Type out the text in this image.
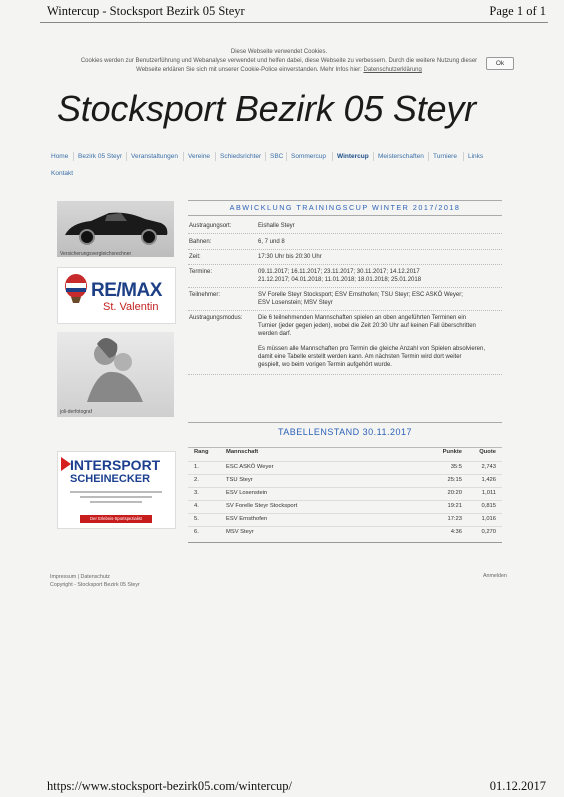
Wintercup - Stocksport Bezirk 05 Steyr	Page 1 of 1
Diese Webseite verwendet Cookies.
Cookies werden zur Benutzerführung und Webanalyse verwendet und helfen dabei, diese Webseite zu verbessern. Durch die weitere Nutzung dieser
Webseite erklären Sie sich mit unserer Cookie-Police einverstanden. Mehr Infos hier: Datenschutzerklärung
Ok
Stocksport Bezirk 05 Steyr
Home	Bezirk 05 Steyr	Veranstaltungen	Vereine	Schiedsrichter	SBC	Sommercup	Wintercup	Meisterschaften	Turniere	Links
Kontakt
Versicherungsvergleichsrechner
RE/MAX
St. Valentin
joli-derfotograf
INTERSPORT
SCHEINECKER
Der Erlebnis-Sportspezialist
ABWICKLUNG TRAININGSCUP WINTER 2017/2018
Austragungsort:	Eishalle Steyr
Bahnen:	6, 7 und 8
Zeit:	17:30 Uhr bis 20:30 Uhr
Termine:	09.11.2017; 16.11.2017; 23.11.2017; 30.11.2017; 14.12.2017
21.12.2017; 04.01.2018; 11.01.2018; 18.01.2018; 25.01.2018
Teilnehmer:	SV Forelle Steyr Stocksport; ESV Ernsthofen; TSU Steyr; ESC ASKÖ Weyer;
ESV Losenstein; MSV Steyr
Austragungsmodus:	Die 6 teilnehmenden Mannschaften spielen an oben angeführten Terminen ein
Turnier (jeder gegen jeden), wobei die Zeit 20:30 Uhr auf keinen Fall überschritten
werden darf.
Es müssen alle Mannschaften pro Termin die gleiche Anzahl von Spielen absolvieren,
damit eine Tabelle erstellt werden kann. Am nächsten Termin wird dort weiter
gespielt, wo beim vorigen Termin aufgehört wurde.
TABELLENSTAND 30.11.2017
Rang	Mannschaft	Punkte	Quote
1.	ESC ASKÖ Weyer	35:5	2,743
2.	TSU Steyr	25:15	1,426
3.	ESV Losenstein	20:20	1,011
4.	SV Forelle Steyr Stocksport	19:21	0,815
5.	ESV Ernsthofen	17:23	1,016
6.	MSV Steyr	4:36	0,270
Impressum | Datenschutz
Copyright - Stocksport Bezirk 05 Steyr
Anmelden
https://www.stocksport-bezirk05.com/wintercup/	01.12.2017
